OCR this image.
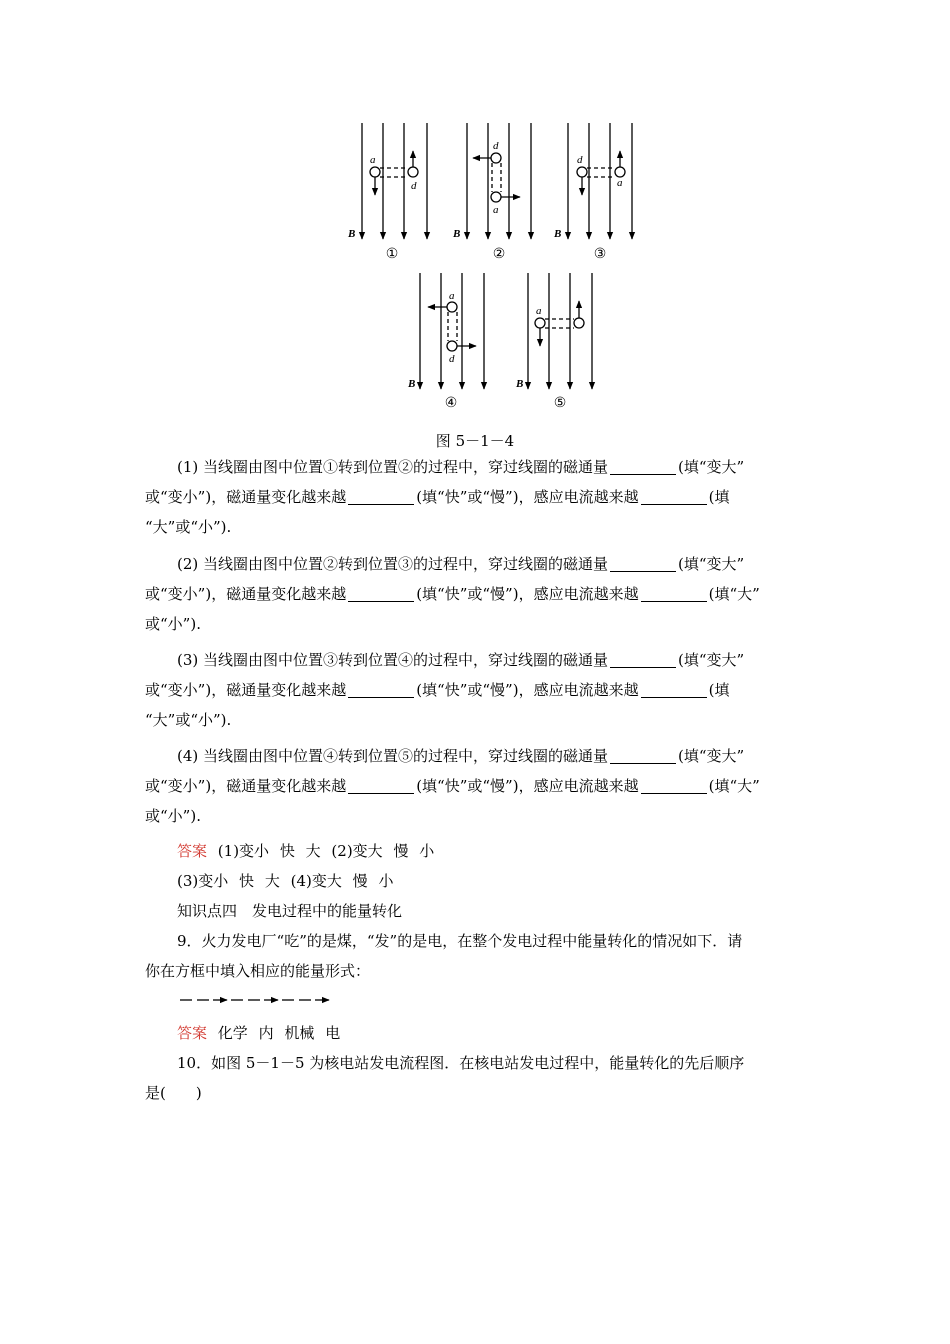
B	B	B
B	B
a
d
d
a
d
a
a
d
a
①	②	③
④	⑤
图 5－1－4
(1) 当线圈由图中位置①转到位置②的过程中，穿过线圈的磁通量	(填“变大”
或“变小”)，磁通量变化越来越	(填“快”或“慢”)，感应电流越来越	(填
“大”或“小”).
(2) 当线圈由图中位置②转到位置③的过程中，穿过线圈的磁通量	(填“变大”
或“变小”)，磁通量变化越来越	(填“快”或“慢”)，感应电流越来越	(填“大”
或“小”).
(3) 当线圈由图中位置③转到位置④的过程中，穿过线圈的磁通量	(填“变大”
或“变小”)，磁通量变化越来越	(填“快”或“慢”)，感应电流越来越	(填
“大”或“小”).
(4) 当线圈由图中位置④转到位置⑤的过程中，穿过线圈的磁通量	(填“变大”
或“变小”)，磁通量变化越来越	(填“快”或“慢”)，感应电流越来越	(填“大”
或“小”).
答案 (1)变小 快 大 (2)变大 慢 小
(3)变小 快 大 (4)变大 慢 小
知识点四　发电过程中的能量转化
9．火力发电厂“吃”的是煤，“发”的是电，在整个发电过程中能量转化的情况如下．请
你在方框中填入相应的能量形式：
答案 化学 内 机械 电
10．如图 5－1－5 为核电站发电流程图．在核电站发电过程中，能量转化的先后顺序
是(　　)
